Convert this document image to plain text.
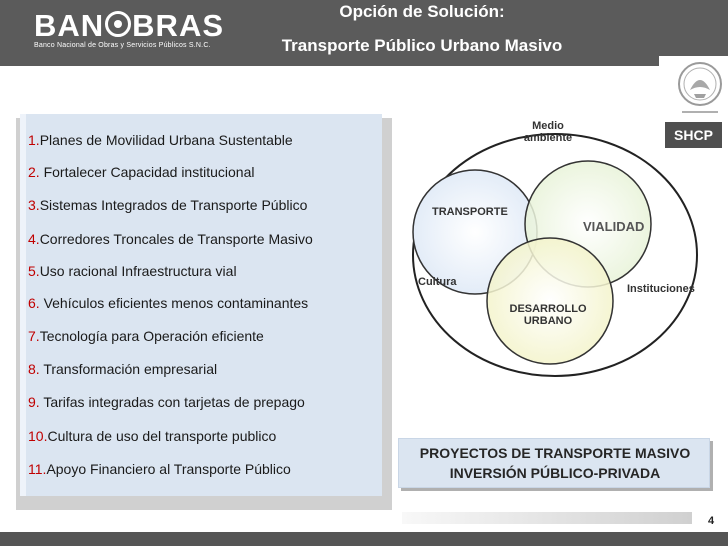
BAN BRAS
Banco Nacional de Obras y Servicios Públicos S.N.C.
Opción de Solución:
Transporte Público Urbano Masivo
SHCP
1.Planes de Movilidad Urbana Sustentable
2. Fortalecer Capacidad institucional
3.Sistemas Integrados de Transporte Público
4.Corredores Troncales de Transporte Masivo
5.Uso racional Infraestructura vial
6. Vehículos eficientes menos contaminantes
7.Tecnología para Operación eficiente
8. Transformación empresarial
9. Tarifas integradas con tarjetas de prepago
10.Cultura de uso del transporte publico
11.Apoyo Financiero al Transporte Público
Medio
ambiente
TRANSPORTE
VIALIDAD
Cultura
Instituciones
DESARROLLO
URBANO
PROYECTOS DE TRANSPORTE MASIVO
INVERSIÓN PÚBLICO-PRIVADA
4
